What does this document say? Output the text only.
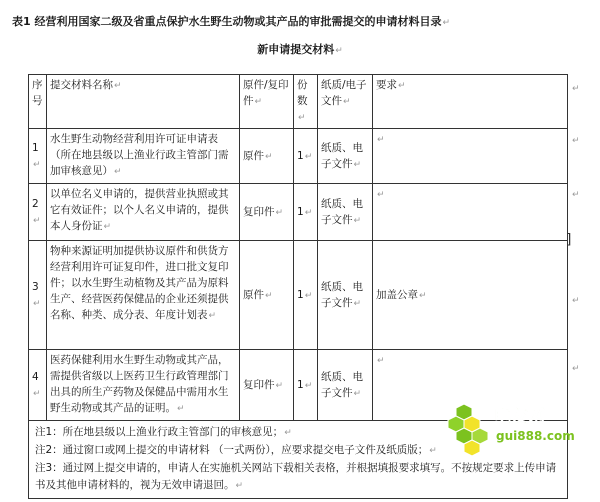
表1 经营利用国家二级及省重点保护水生野生动物或其产品的审批需提交的申请材料目录↵
新申请提交材料↵
序号	提交材料名称↵	原件/复印件↵	份数↵	纸质/电子文件↵	要求↵
1↵	水生野生动物经营利用许可证申请表（所在地县级以上渔业行政主管部门需加审核意见）↵	原件↵	1↵	纸质、电子文件↵	↵
2↵	以单位名义申请的，提供营业执照或其它有效证件；以个人名义申请的，提供本人身份证↵	复印件↵	1↵	纸质、电子文件↵	↵
3↵	物种来源证明加提供协议原件和供货方经营利用许可证复印件，进口批文复印件；以水生野生动植物及其产品为原料生产、经营医药保健品的企业还须提供名称、种类、成分表、年度计划表↵	原件↵	1↵	纸质、电子文件↵	加盖公章↵
4↵	医药保健利用水生野生动物或其产品，需提供省级以上医药卫生行政管理部门出具的所生产药物及保健品中需用水生野生动物或其产品的证明。↵	复印件↵	1↵	纸质、电子文件↵	↵

注1：所在地县级以上渔业行政主管部门的审核意见；↵
注2：通过窗口或网上提交的申请材料 （一式两份），应要求提交电子文件及纸质版；↵
注3：通过网上提交申请的，申请人在实施机关网站下载相关表格，并根据填报要求填写。不按规定要求上传申请书及其他申请材料的，视为无效申请退回。↵					
↵
↵
↵
↵
↵
]
电友网
gui888.com
